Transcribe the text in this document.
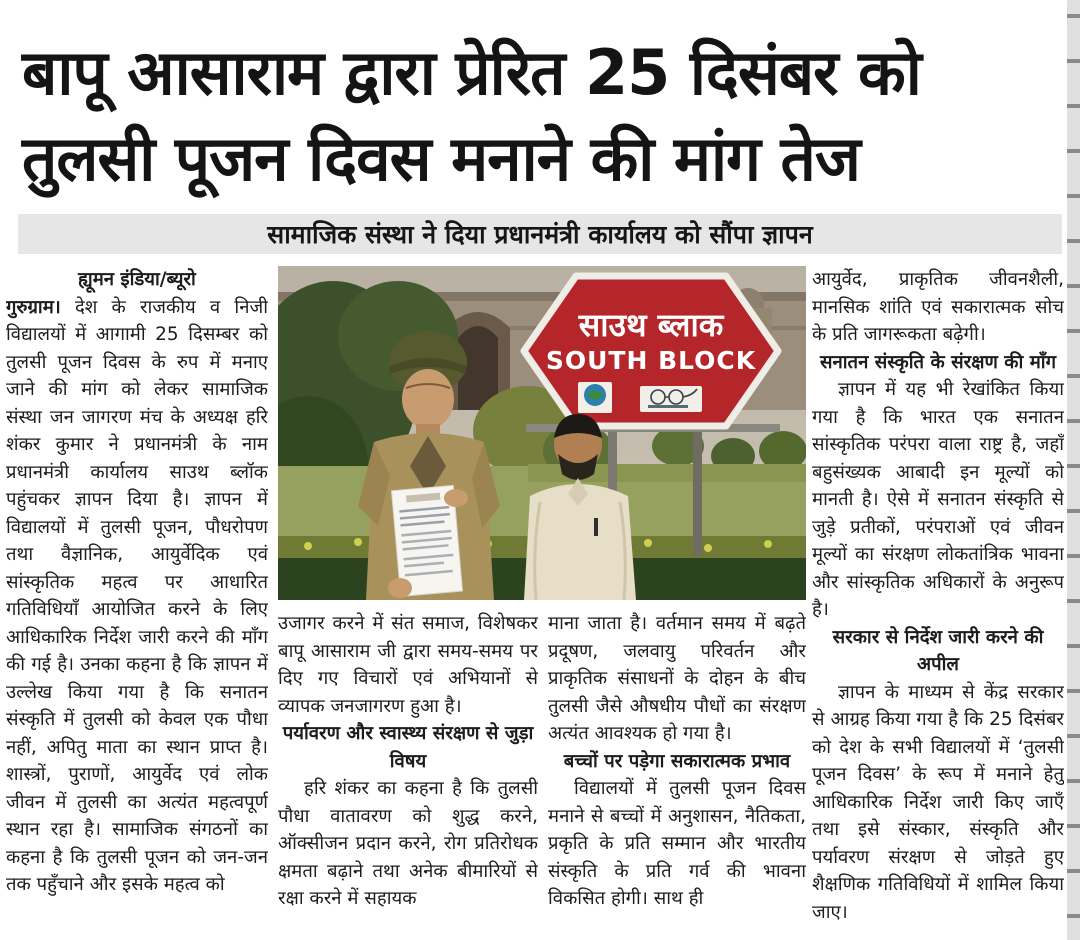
बापू आसाराम द्वारा प्रेरित 25 दिसंबर को
तुलसी पूजन दिवस मनाने की मांग तेज
सामाजिक संस्था ने दिया प्रधानमंत्री कार्यालय को सौंपा ज्ञापन

ह्यूमन इंडिया/ब्यूरो

गुरुग्राम। देश के राजकीय व निजी विद्यालयों में आगामी 25 दिसम्बर को तुलसी पूजन दिवस के रुप में मनाए जाने की मांग को लेकर सामाजिक संस्था जन जागरण मंच के अध्यक्ष हरि शंकर कुमार ने प्रधानमंत्री के नाम प्रधानमंत्री कार्यालय साउथ ब्लॉक पहुंचकर ज्ञापन दिया है। ज्ञापन में विद्यालयों में तुलसी पूजन, पौधरोपण तथा वैज्ञानिक, आयुर्वेदिक एवं सांस्कृतिक महत्व पर आधारित गतिविधियाँ आयोजित करने के लिए आधिकारिक निर्देश जारी करने की माँग की गई है। उनका कहना है कि ज्ञापन में उल्लेख किया गया है कि सनातन संस्कृति में तुलसी को केवल एक पौधा नहीं, अपितु माता का स्थान प्राप्त है। शास्त्रों, पुराणों, आयुर्वेद एवं लोक जीवन में तुलसी का अत्यंत महत्वपूर्ण स्थान रहा है। सामाजिक संगठनों का कहना है कि तुलसी पूजन को जन-जन तक पहुँचाने और इसके महत्व को

साउथ ब्लाक
SOUTH BLOCK

उजागर करने में संत समाज, विशेषकर बापू आसाराम जी द्वारा समय-समय पर दिए गए विचारों एवं अभियानों से व्यापक जनजागरण हुआ है।

पर्यावरण और स्वास्थ्य संरक्षण से जुड़ा विषय

हरि शंकर का कहना है कि तुलसी पौधा वातावरण को शुद्ध करने, ऑक्सीजन प्रदान करने, रोग प्रतिरोधक क्षमता बढ़ाने तथा अनेक बीमारियों से रक्षा करने में सहायक

माना जाता है। वर्तमान समय में बढ़ते प्रदूषण, जलवायु परिवर्तन और प्राकृतिक संसाधनों के दोहन के बीच तुलसी जैसे औषधीय पौधों का संरक्षण अत्यंत आवश्यक हो गया है।

बच्चों पर पड़ेगा सकारात्मक प्रभाव

विद्यालयों में तुलसी पूजन दिवस मनाने से बच्चों में अनुशासन, नैतिकता, प्रकृति के प्रति सम्मान और भारतीय संस्कृति के प्रति गर्व की भावना विकसित होगी। साथ ही

आयुर्वेद, प्राकृतिक जीवनशैली, मानसिक शांति एवं सकारात्मक सोच के प्रति जागरूकता बढ़ेगी।

सनातन संस्कृति के संरक्षण की माँग

ज्ञापन में यह भी रेखांकित किया गया है कि भारत एक सनातन सांस्कृतिक परंपरा वाला राष्ट्र है, जहाँ बहुसंख्यक आबादी इन मूल्यों को मानती है। ऐसे में सनातन संस्कृति से जुड़े प्रतीकों, परंपराओं एवं जीवन मूल्यों का संरक्षण लोकतांत्रिक भावना और सांस्कृतिक अधिकारों के अनुरूप है।

सरकार से निर्देश जारी करने की अपील

ज्ञापन के माध्यम से केंद्र सरकार से आग्रह किया गया है कि 25 दिसंबर को देश के सभी विद्यालयों में ‘तुलसी पूजन दिवस’ के रूप में मनाने हेतु आधिकारिक निर्देश जारी किए जाएँ तथा इसे संस्कार, संस्कृति और पर्यावरण संरक्षण से जोड़ते हुए शैक्षणिक गतिविधियों में शामिल किया जाए।
